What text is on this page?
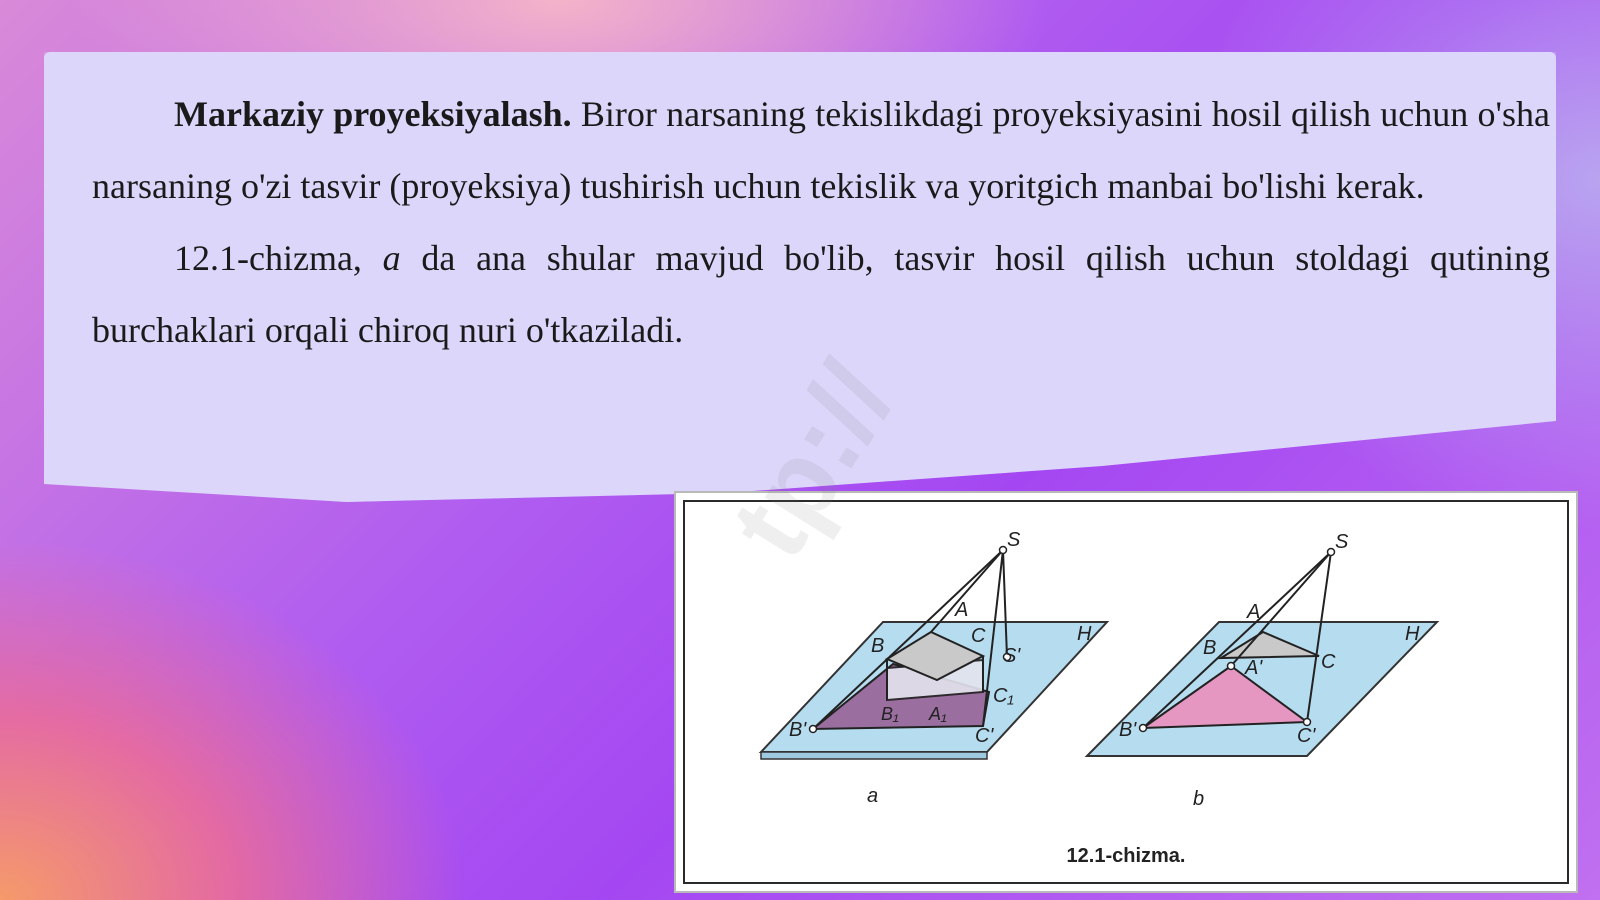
Markaziy proyeksiyalash. Biror narsaning tekislikdagi proyeksiyasini hosil qilish uchun o'sha narsaning o'zi tasvir (proyeksiya) tushirish uchun tekislik va yoritgich manbai bo'lishi kerak.

12.1-chizma, a da ana shular mavjud bo'lib, tasvir hosil qilish uchun stoldagi qutining burchaklari orqali chiroq nuri o'tkaziladi.

tp://	S
A
B	C
S'
C₁
B₁ A₁
B'	C'
H
S
A
B
C
A'
B'	C'
H
a	b
12.1-chizma.
